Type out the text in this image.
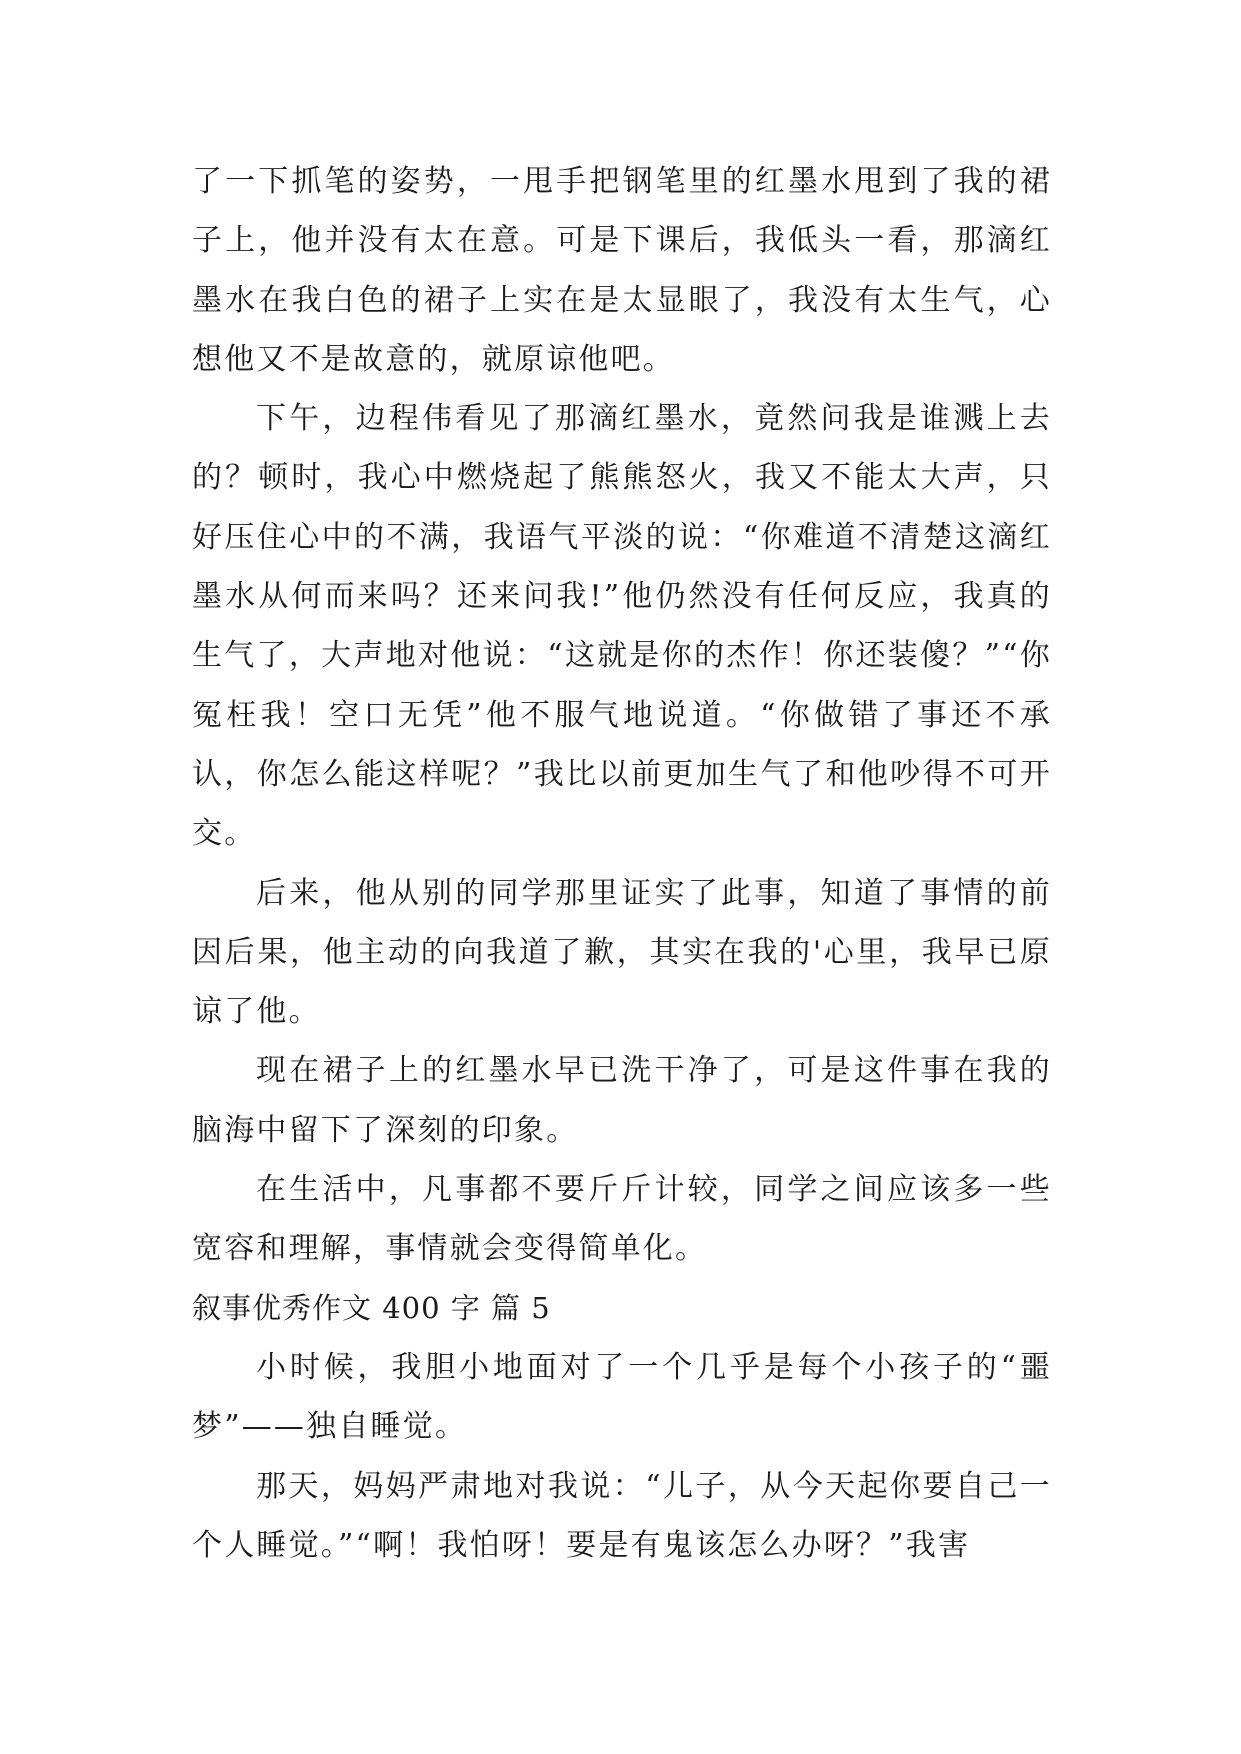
了一下抓笔的姿势，一甩手把钢笔里的红墨水甩到了我的裙子上，他并没有太在意。可是下课后，我低头一看，那滴红墨水在我白色的裙子上实在是太显眼了，我没有太生气，心想他又不是故意的，就原谅他吧。

下午，边程伟看见了那滴红墨水，竟然问我是谁溅上去的？顿时，我心中燃烧起了熊熊怒火，我又不能太大声，只好压住心中的不满，我语气平淡的说：“你难道不清楚这滴红墨水从何而来吗？还来问我!”他仍然没有任何反应，我真的生气了，大声地对他说：“这就是你的杰作！你还装傻？”“你冤枉我！空口无凭”他不服气地说道。“你做错了事还不承认，你怎么能这样呢？”我比以前更加生气了和他吵得不可开交。

后来，他从别的同学那里证实了此事，知道了事情的前因后果，他主动的向我道了歉，其实在我的'心里，我早已原谅了他。

现在裙子上的红墨水早已洗干净了，可是这件事在我的脑海中留下了深刻的印象。

在生活中，凡事都不要斤斤计较，同学之间应该多一些宽容和理解，事情就会变得简单化。

叙事优秀作文 400 字 篇 5

小时候，我胆小地面对了一个几乎是每个小孩子的“噩梦”——独自睡觉。

那天，妈妈严肃地对我说：“儿子，从今天起你要自己一个人睡觉。”“啊！我怕呀！要是有鬼该怎么办呀？”我害
